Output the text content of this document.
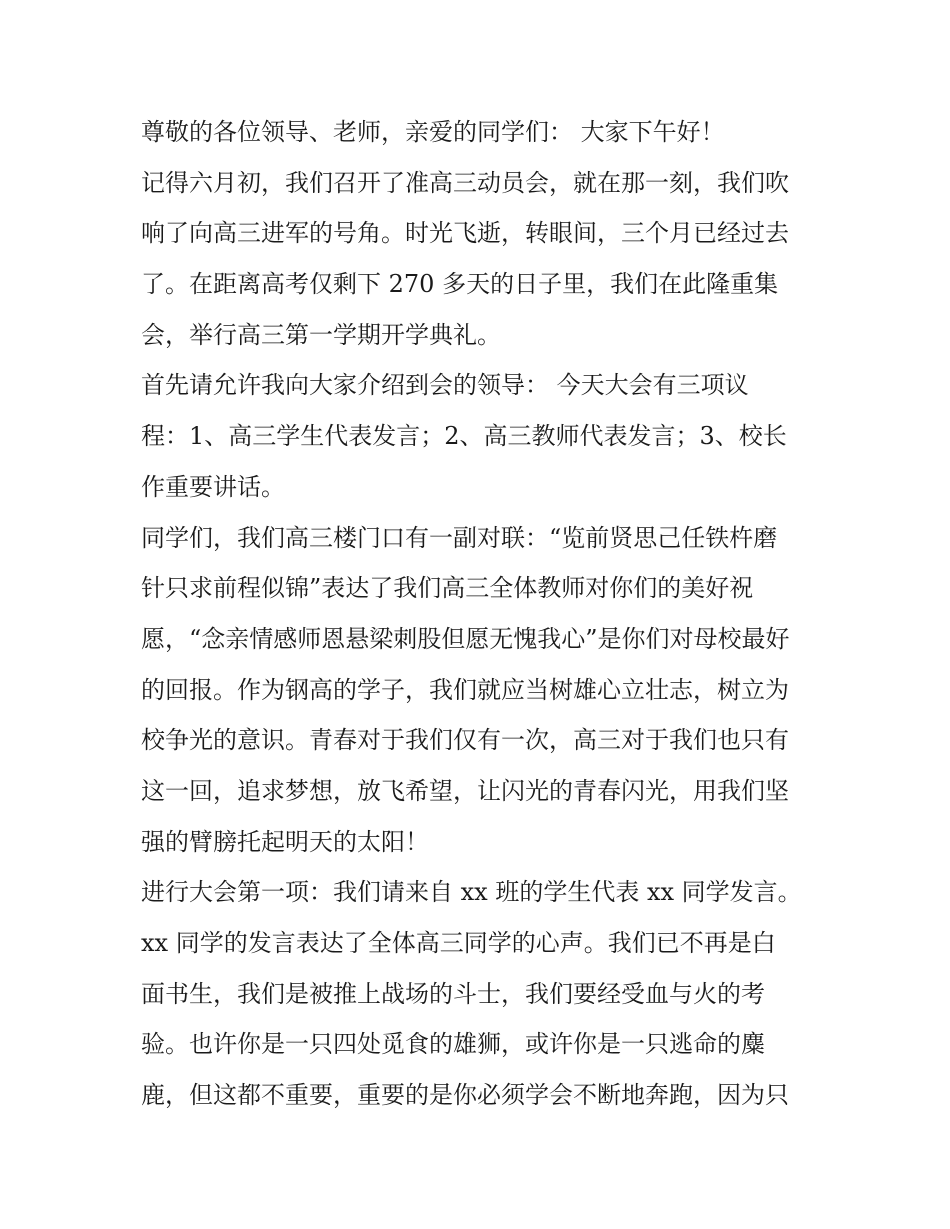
尊敬的各位领导、老师，亲爱的同学们： 大家下午好！
记得六月初，我们召开了准高三动员会，就在那一刻，我们吹
响了向高三进军的号角。时光飞逝，转眼间，三个月已经过去
了。在距离高考仅剩下 270 多天的日子里，我们在此隆重集
会，举行高三第一学期开学典礼。
首先请允许我向大家介绍到会的领导： 今天大会有三项议
程：1、高三学生代表发言；2、高三教师代表发言；3、校长
作重要讲话。
同学们，我们高三楼门口有一副对联：“览前贤思己任铁杵磨
针只求前程似锦”表达了我们高三全体教师对你们的美好祝
愿，“念亲情感师恩悬梁刺股但愿无愧我心”是你们对母校最好
的回报。作为钢高的学子，我们就应当树雄心立壮志，树立为
校争光的意识。青春对于我们仅有一次，高三对于我们也只有
这一回，追求梦想，放飞希望，让闪光的青春闪光，用我们坚
强的臂膀托起明天的太阳！
进行大会第一项：我们请来自 xx 班的学生代表 xx 同学发言。
xx 同学的发言表达了全体高三同学的心声。我们已不再是白
面书生，我们是被推上战场的斗士，我们要经受血与火的考
验。也许你是一只四处觅食的雄狮，或许你是一只逃命的麋
鹿，但这都不重要，重要的是你必须学会不断地奔跑，因为只
